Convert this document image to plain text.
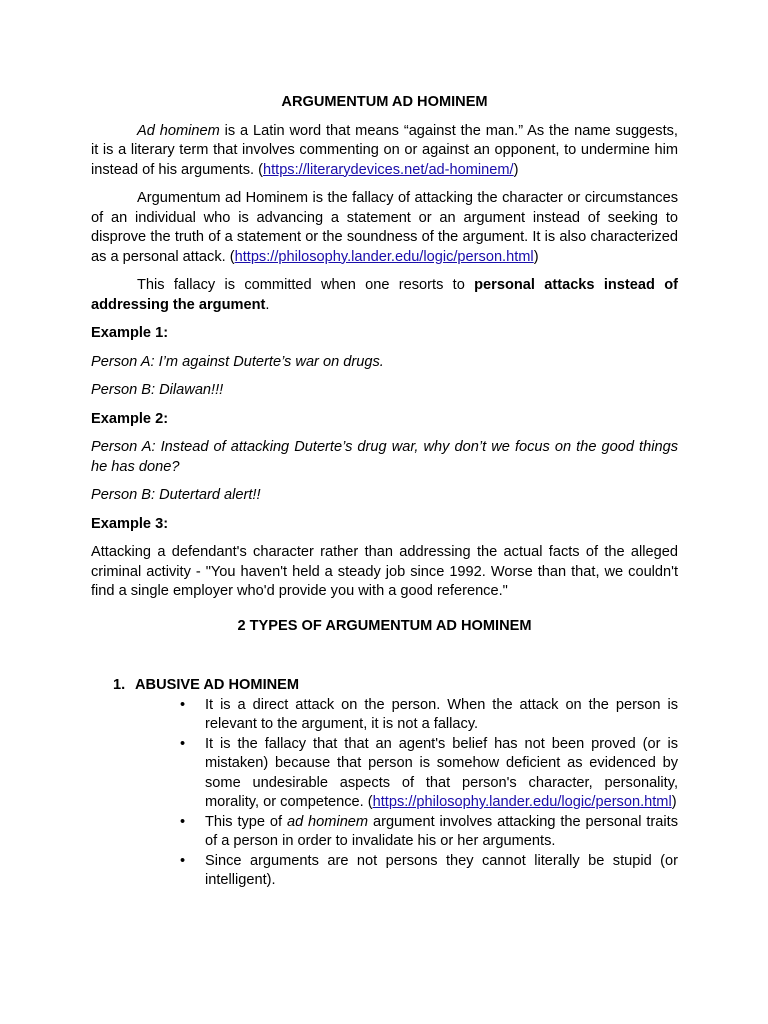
ARGUMENTUM AD HOMINEM

Ad hominem is a Latin word that means “against the man.” As the name suggests, it is a literary term that involves commenting on or against an opponent, to undermine him instead of his arguments. (https://literarydevices.net/ad-hominem/)

Argumentum ad Hominem is the fallacy of attacking the character or circumstances of an individual who is advancing a statement or an argument instead of seeking to disprove the truth of a statement or the soundness of the argument. It is also characterized as a personal attack. (https://philosophy.lander.edu/logic/person.html)

This fallacy is committed when one resorts to personal attacks instead of addressing the argument.

Example 1:
Person A: I’m against Duterte’s war on drugs.
Person B: Dilawan!!!
Example 2:
Person A: Instead of attacking Duterte’s drug war, why don’t we focus on the good things he has done?
Person B: Dutertard alert!!
Example 3:

Attacking a defendant's character rather than addressing the actual facts of the alleged criminal activity - "You haven't held a steady job since 1992. Worse than that, we couldn't find a single employer who'd provide you with a good reference."

2 TYPES OF ARGUMENTUM AD HOMINEM
1. ABUSIVE AD HOMINEM
• It is a direct attack on the person. When the attack on the person is relevant to the argument, it is not a fallacy.
• It is the fallacy that that an agent's belief has not been proved (or is mistaken) because that person is somehow deficient as evidenced by some undesirable aspects of that person's character, personality, morality, or competence. (https://philosophy.lander.edu/logic/person.html)
• This type of ad hominem argument involves attacking the personal traits of a person in order to invalidate his or her arguments.
• Since arguments are not persons they cannot literally be stupid (or intelligent).
